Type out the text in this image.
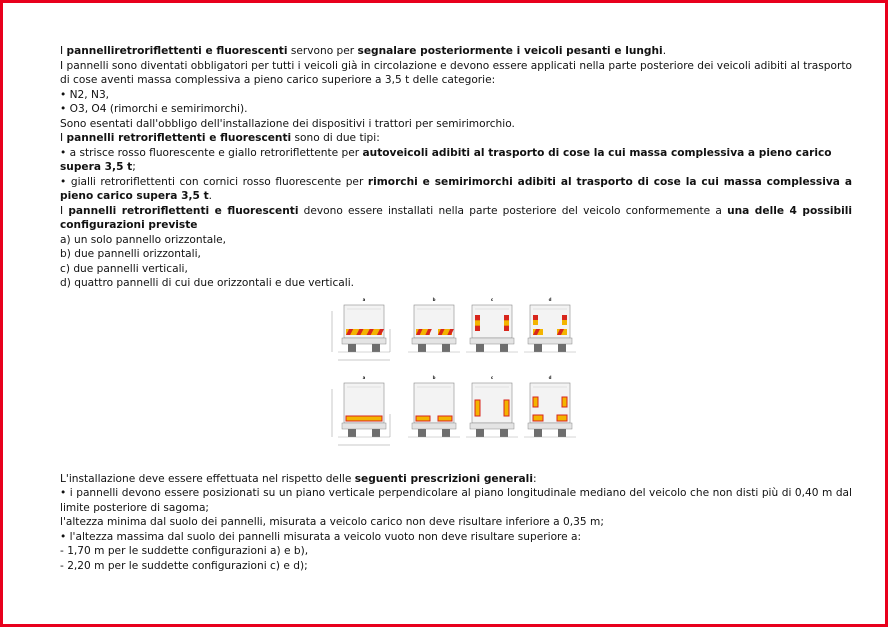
I pannelliretroriflettenti e fluorescenti servono per segnalare posteriormente i veicoli pesanti e lunghi.

I pannelli sono diventati obbligatori per tutti i veicoli già in circolazione e devono essere applicati nella parte posteriore dei veicoli adibiti al trasporto di cose aventi massa complessiva a pieno carico superiore a 3,5 t delle categorie:

• N2, N3,

• O3, O4 (rimorchi e semirimorchi).

Sono esentati dall'obbligo dell'installazione dei dispositivi i trattori per semirimorchio.

I pannelli retroriflettenti e fluorescenti sono di due tipi:

• a strisce rosso fluorescente e giallo retroriflettente per autoveicoli adibiti al trasporto di cose la cui massa complessiva a pieno carico supera 3,5 t;

• gialli retroriflettenti con cornici rosso fluorescente per rimorchi e semirimorchi adibiti al trasporto di cose la cui massa complessiva a pieno carico supera 3,5 t.

I pannelli retroriflettenti e fluorescenti devono essere installati nella parte posteriore del veicolo conformemente a una delle 4 possibili configurazioni previste

a) un solo pannello orizzontale,

b) due pannelli orizzontali,

c) due pannelli verticali,

d) quattro pannelli di cui due orizzontali e due verticali.

a	b	c	d
a	b	c	d

L'installazione deve essere effettuata nel rispetto delle seguenti prescrizioni generali:

• i pannelli devono essere posizionati su un piano verticale perpendicolare al piano longitudinale mediano del veicolo che non disti più di 0,40 m dal limite posteriore di sagoma;

l'altezza minima dal suolo dei pannelli, misurata a veicolo carico non deve risultare inferiore a 0,35 m;

• l'altezza massima dal suolo dei pannelli misurata a veicolo vuoto non deve risultare superiore a:

- 1,70 m per le suddette configurazioni a) e b),

- 2,20 m per le suddette configurazioni c) e d);
